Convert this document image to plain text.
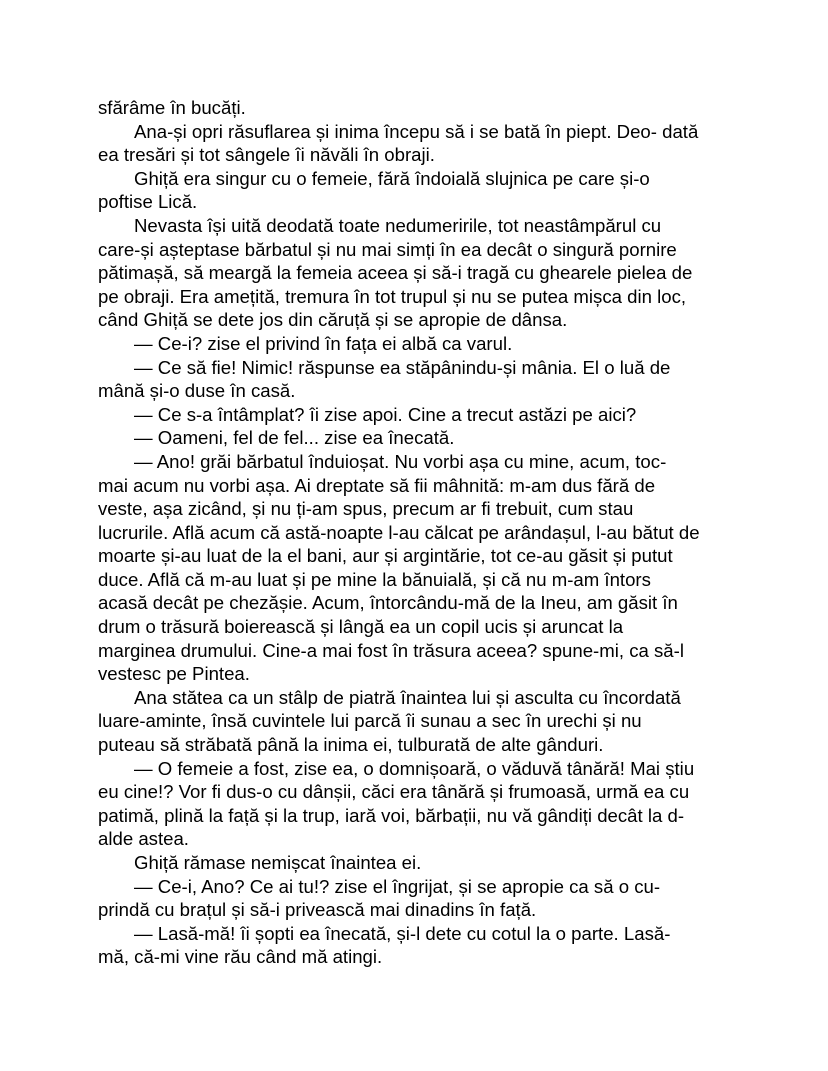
sfărâme în bucăți.
Ana-și opri răsuflarea și inima începu să i se bată în piept. Deo- dată
ea tresări și tot sângele îi năvăli în obraji.
Ghiță era singur cu o femeie, fără îndoială slujnica pe care și-o
poftise Lică.
Nevasta își uită deodată toate nedumeririle, tot neastâmpărul cu
care-și așteptase bărbatul și nu mai simți în ea decât o singură pornire
pătimașă, să meargă la femeia aceea și să-i tragă cu ghearele pielea de
pe obraji. Era amețită, tremura în tot trupul și nu se putea mișca din loc,
când Ghiță se dete jos din căruță și se apropie de dânsa.
— Ce-i? zise el privind în fața ei albă ca varul.
— Ce să fie! Nimic! răspunse ea stăpânindu-și mânia. El o luă de
mână și-o duse în casă.
— Ce s-a întâmplat? îi zise apoi. Cine a trecut astăzi pe aici?
— Oameni, fel de fel... zise ea înecată.
— Ano! grăi bărbatul înduioșat. Nu vorbi așa cu mine, acum, toc-
mai acum nu vorbi așa. Ai dreptate să fii mâhnită: m-am dus fără de
veste, așa zicând, și nu ți-am spus, precum ar fi trebuit, cum stau
lucrurile. Află acum că astă-noapte l-au călcat pe arândașul, l-au bătut de
moarte și-au luat de la el bani, aur și argintărie, tot ce-au găsit și putut
duce. Află că m-au luat și pe mine la bănuială, și că nu m-am întors
acasă decât pe chezășie. Acum, întorcându-mă de la Ineu, am găsit în
drum o trăsură boierească și lângă ea un copil ucis și aruncat la
marginea drumului. Cine-a mai fost în trăsura aceea? spune-mi, ca să-l
vestesc pe Pintea.
Ana stătea ca un stâlp de piatră înaintea lui și asculta cu încordată
luare-aminte, însă cuvintele lui parcă îi sunau a sec în urechi și nu
puteau să străbată până la inima ei, tulburată de alte gânduri.
— O femeie a fost, zise ea, o domnișoară, o văduvă tânără! Mai știu
eu cine!? Vor fi dus-o cu dânșii, căci era tânără și frumoasă, urmă ea cu
patimă, plină la față și la trup, iară voi, bărbații, nu vă gândiți decât la d-
alde astea.
Ghiță rămase nemișcat înaintea ei.
— Ce-i, Ano? Ce ai tu!? zise el îngrijat, și se apropie ca să o cu-
prindă cu brațul și să-i privească mai dinadins în față.
— Lasă-mă! îi șopti ea înecată, și-l dete cu cotul la o parte. Lasă-
mă, că-mi vine rău când mă atingi.
